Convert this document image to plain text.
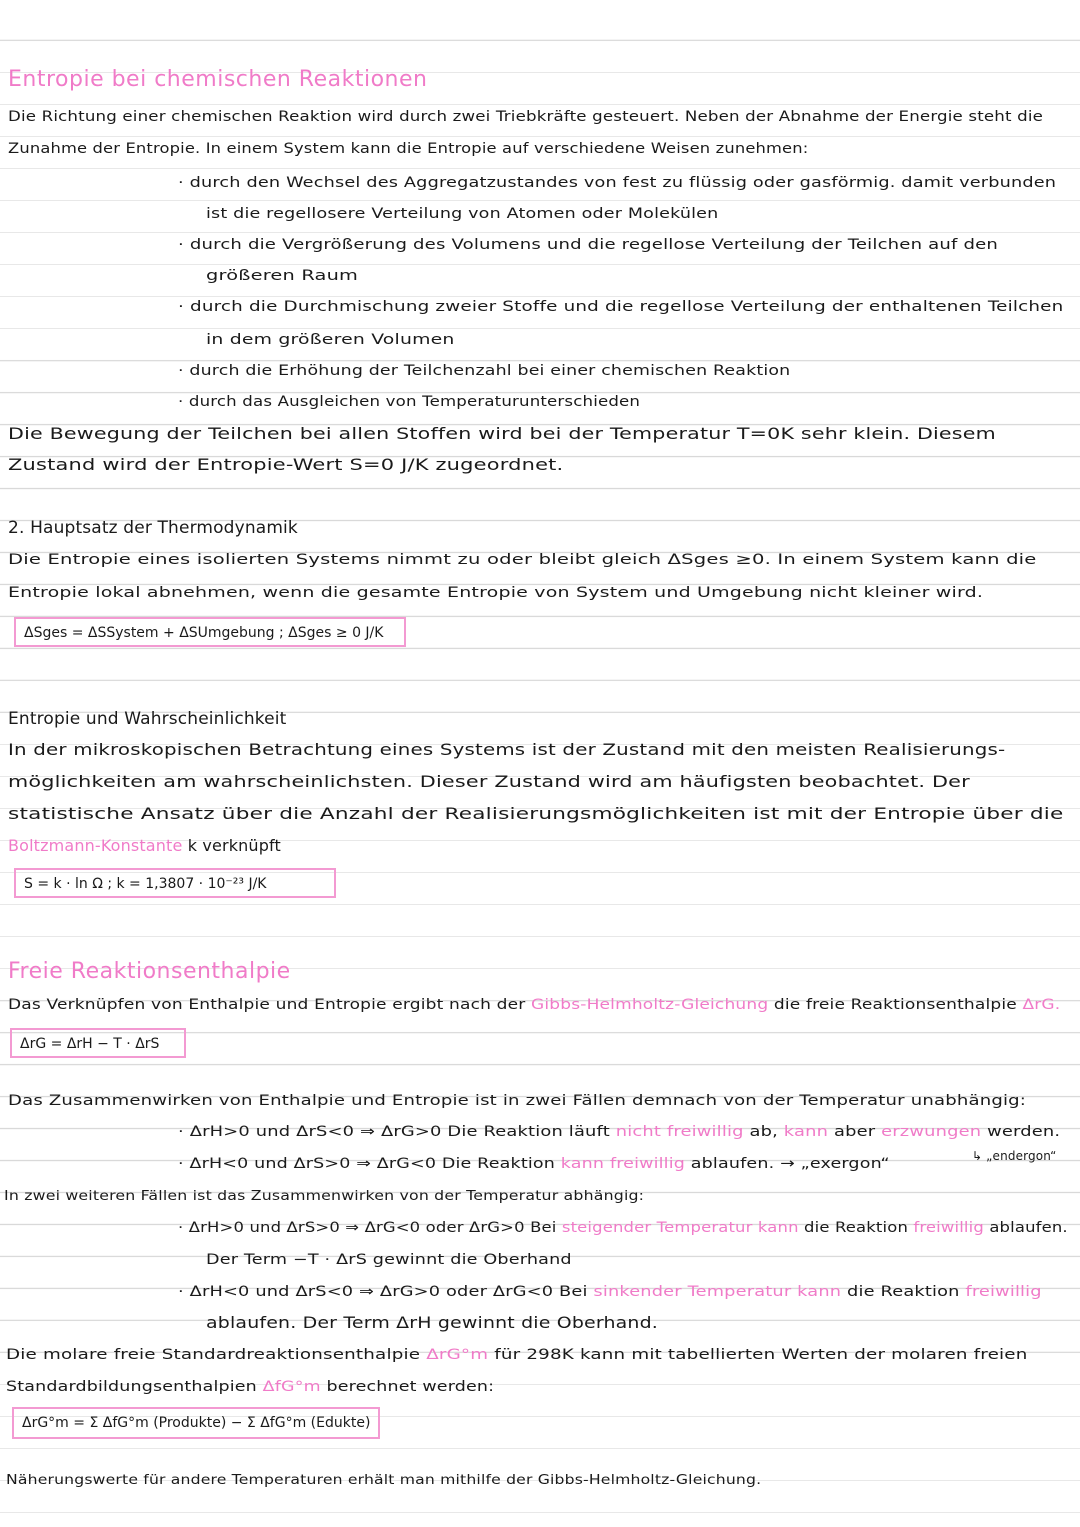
Entropie bei chemischen Reaktionen
Die Richtung einer chemischen Reaktion wird durch zwei Triebkräfte gesteuert. Neben der Abnahme der Energie steht die
Zunahme der Entropie. In einem System kann die Entropie auf verschiedene Weisen zunehmen:
· durch den Wechsel des Aggregatzustandes von fest zu flüssig oder gasförmig. damit verbunden
ist die regellosere Verteilung von Atomen oder Molekülen
· durch die Vergrößerung des Volumens und die regellose Verteilung der Teilchen auf den
größeren Raum
· durch die Durchmischung zweier Stoffe und die regellose Verteilung der enthaltenen Teilchen
in dem größeren Volumen
· durch die Erhöhung der Teilchenzahl bei einer chemischen Reaktion
· durch das Ausgleichen von Temperaturunterschieden
Die Bewegung der Teilchen bei allen Stoffen wird bei der Temperatur T=0K sehr klein. Diesem
Zustand wird der Entropie-Wert S=0 J/K zugeordnet.
2. Hauptsatz der Thermodynamik
Die Entropie eines isolierten Systems nimmt zu oder bleibt gleich ΔSges ≥0. In einem System kann die
Entropie lokal abnehmen, wenn die gesamte Entropie von System und Umgebung nicht kleiner wird.
ΔSges = ΔSSystem + ΔSUmgebung ; ΔSges ≥ 0 J/K
Entropie und Wahrscheinlichkeit
In der mikroskopischen Betrachtung eines Systems ist der Zustand mit den meisten Realisierungs-
möglichkeiten am wahrscheinlichsten. Dieser Zustand wird am häufigsten beobachtet. Der
statistische Ansatz über die Anzahl der Realisierungsmöglichkeiten ist mit der Entropie über die
Boltzmann-Konstante k verknüpft
S = k · ln Ω ; k = 1,3807 · 10⁻²³ J/K
Freie Reaktionsenthalpie
Das Verknüpfen von Enthalpie und Entropie ergibt nach der Gibbs-Helmholtz-Gleichung die freie Reaktionsenthalpie ΔrG.
ΔrG = ΔrH − T · ΔrS
Das Zusammenwirken von Enthalpie und Entropie ist in zwei Fällen demnach von der Temperatur unabhängig:
· ΔrH>0 und ΔrS<0 ⇒ ΔrG>0 Die Reaktion läuft nicht freiwillig ab, kann aber erzwungen werden.
↳ „endergon“
· ΔrH<0 und ΔrS>0 ⇒ ΔrG<0 Die Reaktion kann freiwillig ablaufen. → „exergon“
In zwei weiteren Fällen ist das Zusammenwirken von der Temperatur abhängig:
· ΔrH>0 und ΔrS>0 ⇒ ΔrG<0 oder ΔrG>0 Bei steigender Temperatur kann die Reaktion freiwillig ablaufen.
Der Term −T · ΔrS gewinnt die Oberhand
· ΔrH<0 und ΔrS<0 ⇒ ΔrG>0 oder ΔrG<0 Bei sinkender Temperatur kann die Reaktion freiwillig
ablaufen. Der Term ΔrH gewinnt die Oberhand.
Die molare freie Standardreaktionsenthalpie ΔrG°m für 298K kann mit tabellierten Werten der molaren freien
Standardbildungsenthalpien ΔfG°m berechnet werden:
ΔrG°m = Σ ΔfG°m (Produkte) − Σ ΔfG°m (Edukte)
Näherungswerte für andere Temperaturen erhält man mithilfe der Gibbs-Helmholtz-Gleichung.
